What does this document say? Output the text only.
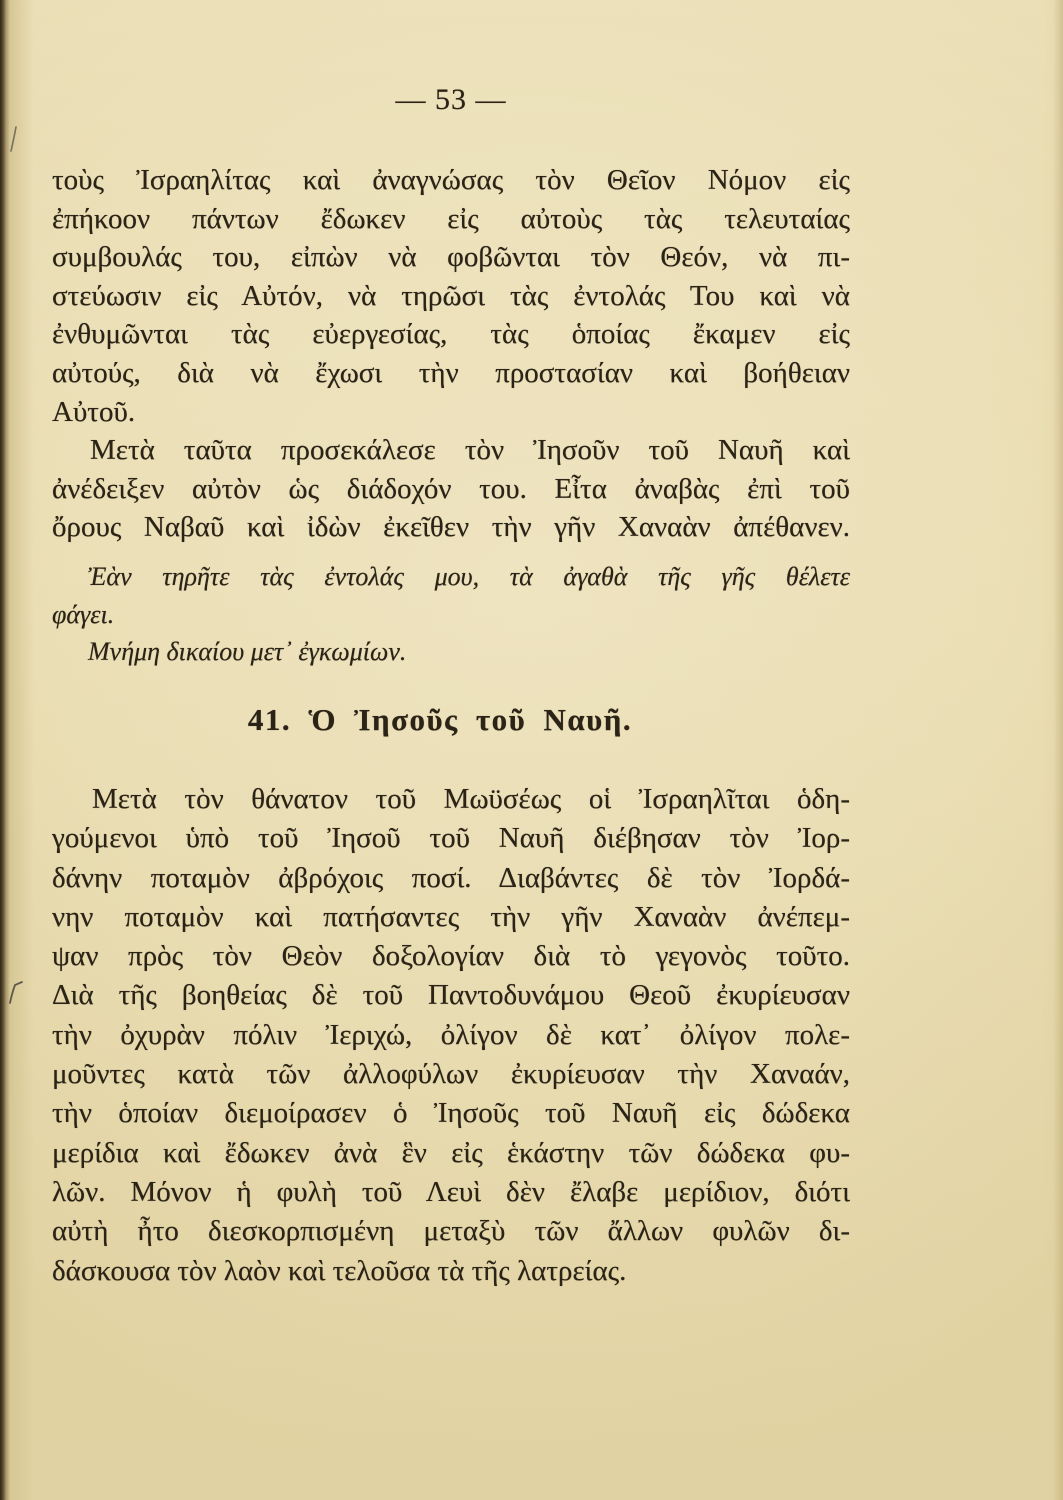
— 53 —
τοὺς Ἰσραηλίτας καὶ ἀναγνώσας τὸν Θεῖον Νόμον εἰς
ἐπήκοον πάντων ἔδωκεν εἰς αὐτοὺς τὰς τελευταίας
συμβουλάς του, εἰπὼν νὰ φοβῶνται τὸν Θεόν, νὰ πι-
στεύωσιν εἰς Αὐτόν, νὰ τηρῶσι τὰς ἐντολάς Του καὶ νὰ
ἐνθυμῶνται τὰς εὐεργεσίας, τὰς ὁποίας ἔκαμεν εἰς
αὐτούς, διὰ νὰ ἔχωσι τὴν προστασίαν καὶ βοήθειαν
Αὐτοῦ.
Μετὰ ταῦτα προσεκάλεσε τὸν Ἰησοῦν τοῦ Ναυῆ καὶ
ἀνέδειξεν αὐτὸν ὡς διάδοχόν του. Εἶτα ἀναβὰς ἐπὶ τοῦ
ὄρους Ναβαῦ καὶ ἰδὼν ἐκεῖθεν τὴν γῆν Χαναὰν ἀπέθανεν.
Ἐὰν τηρῆτε τὰς ἐντολάς μου, τὰ ἀγαθὰ τῆς γῆς θέλετε
φάγει.
Μνήμη δικαίου μετ᾽ ἐγκωμίων.
41. Ὁ Ἰησοῦς τοῦ Ναυῆ.
Μετὰ τὸν θάνατον τοῦ Μωϋσέως οἱ Ἰσραηλῖται ὁδη-
γούμενοι ὑπὸ τοῦ Ἰησοῦ τοῦ Ναυῆ διέβησαν τὸν Ἰορ-
δάνην ποταμὸν ἀβρόχοις ποσί. Διαβάντες δὲ τὸν Ἰορδά-
νην ποταμὸν καὶ πατήσαντες τὴν γῆν Χαναὰν ἀνέπεμ-
ψαν πρὸς τὸν Θεὸν δοξολογίαν διὰ τὸ γεγονὸς τοῦτο.
Διὰ τῆς βοηθείας δὲ τοῦ Παντοδυνάμου Θεοῦ ἐκυρίευσαν
τὴν ὀχυρὰν πόλιν Ἰεριχώ, ὀλίγον δὲ κατ᾽ ὀλίγον πολε-
μοῦντες κατὰ τῶν ἀλλοφύλων ἐκυρίευσαν τὴν Χαναάν,
τὴν ὁποίαν διεμοίρασεν ὁ Ἰησοῦς τοῦ Ναυῆ εἰς δώδεκα
μερίδια καὶ ἔδωκεν ἀνὰ ἓν εἰς ἑκάστην τῶν δώδεκα φυ-
λῶν. Μόνον ἡ φυλὴ τοῦ Λευὶ δὲν ἔλαβε μερίδιον, διότι
αὐτὴ ἦτο διεσκορπισμένη μεταξὺ τῶν ἄλλων φυλῶν δι-
δάσκουσα τὸν λαὸν καὶ τελοῦσα τὰ τῆς λατρείας.
